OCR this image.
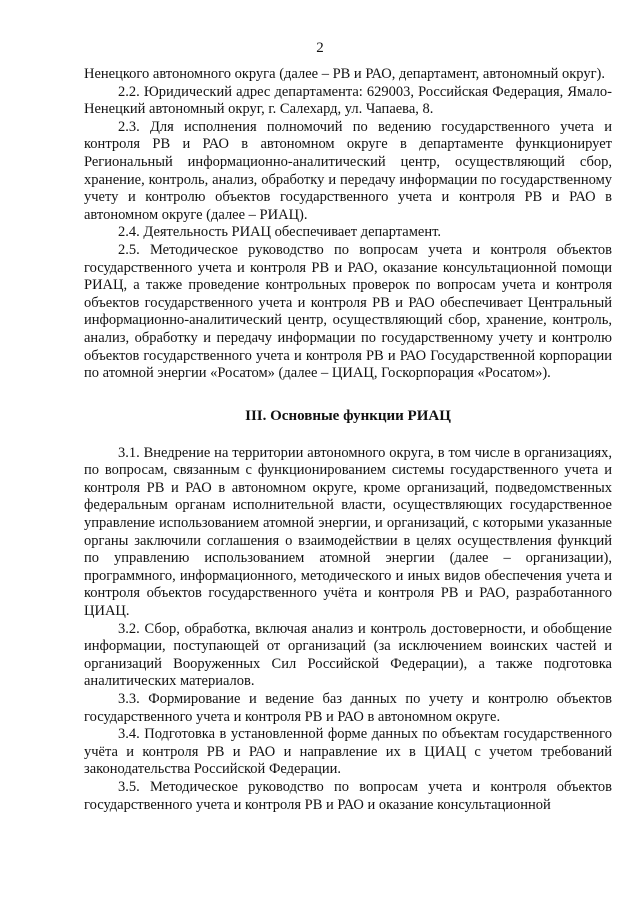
2

Ненецкого автономного округа (далее – РВ и РАО, департамент, автономный округ).

2.2. Юридический адрес департамента: 629003, Российская Федерация, Ямало-Ненецкий автономный округ, г. Салехард, ул. Чапаева, 8.

2.3. Для исполнения полномочий по ведению государственного учета и контроля РВ и РАО в автономном округе в департаменте функционирует Региональный информационно-аналитический центр, осуществляющий сбор, хранение, контроль, анализ, обработку и передачу информации по государственному учету и контролю объектов государственного учета и контроля РВ и РАО в автономном округе (далее – РИАЦ).

2.4. Деятельность РИАЦ обеспечивает департамент.

2.5. Методическое руководство по вопросам учета и контроля объектов государственного учета и контроля РВ и РАО, оказание консультационной помощи РИАЦ, а также проведение контрольных проверок по вопросам учета и контроля объектов государственного учета и контроля РВ и РАО обеспечивает Центральный информационно-аналитический центр, осуществляющий сбор, хранение, контроль, анализ, обработку и передачу информации по государственному учету и контролю объектов государственного учета и контроля РВ и РАО Государственной корпорации по атомной энергии «Росатом» (далее – ЦИАЦ, Госкорпорация «Росатом»).

III. Основные функции РИАЦ

3.1. Внедрение на территории автономного округа, в том числе в организациях, по вопросам, связанным с функционированием системы государственного учета и контроля РВ и РАО в автономном округе, кроме организаций, подведомственных федеральным органам исполнительной власти, осуществляющих государственное управление использованием атомной энергии, и организаций, с которыми указанные органы заключили соглашения о взаимодействии в целях осуществления функций по управлению использованием атомной энергии (далее – организации), программного, информационного, методического и иных видов обеспечения учета и контроля объектов государственного учёта и контроля РВ и РАО, разработанного ЦИАЦ.

3.2. Сбор, обработка, включая анализ и контроль достоверности, и обобщение информации, поступающей от организаций (за исключением воинских частей и организаций Вооруженных Сил Российской Федерации), а также подготовка аналитических материалов.

3.3. Формирование и ведение баз данных по учету и контролю объектов государственного учета и контроля РВ и РАО в автономном округе.

3.4. Подготовка в установленной форме данных по объектам государственного учёта и контроля РВ и РАО и направление их в ЦИАЦ с учетом требований законодательства Российской Федерации.

3.5. Методическое руководство по вопросам учета и контроля объектов государственного учета и контроля РВ и РАО и оказание консультационной
